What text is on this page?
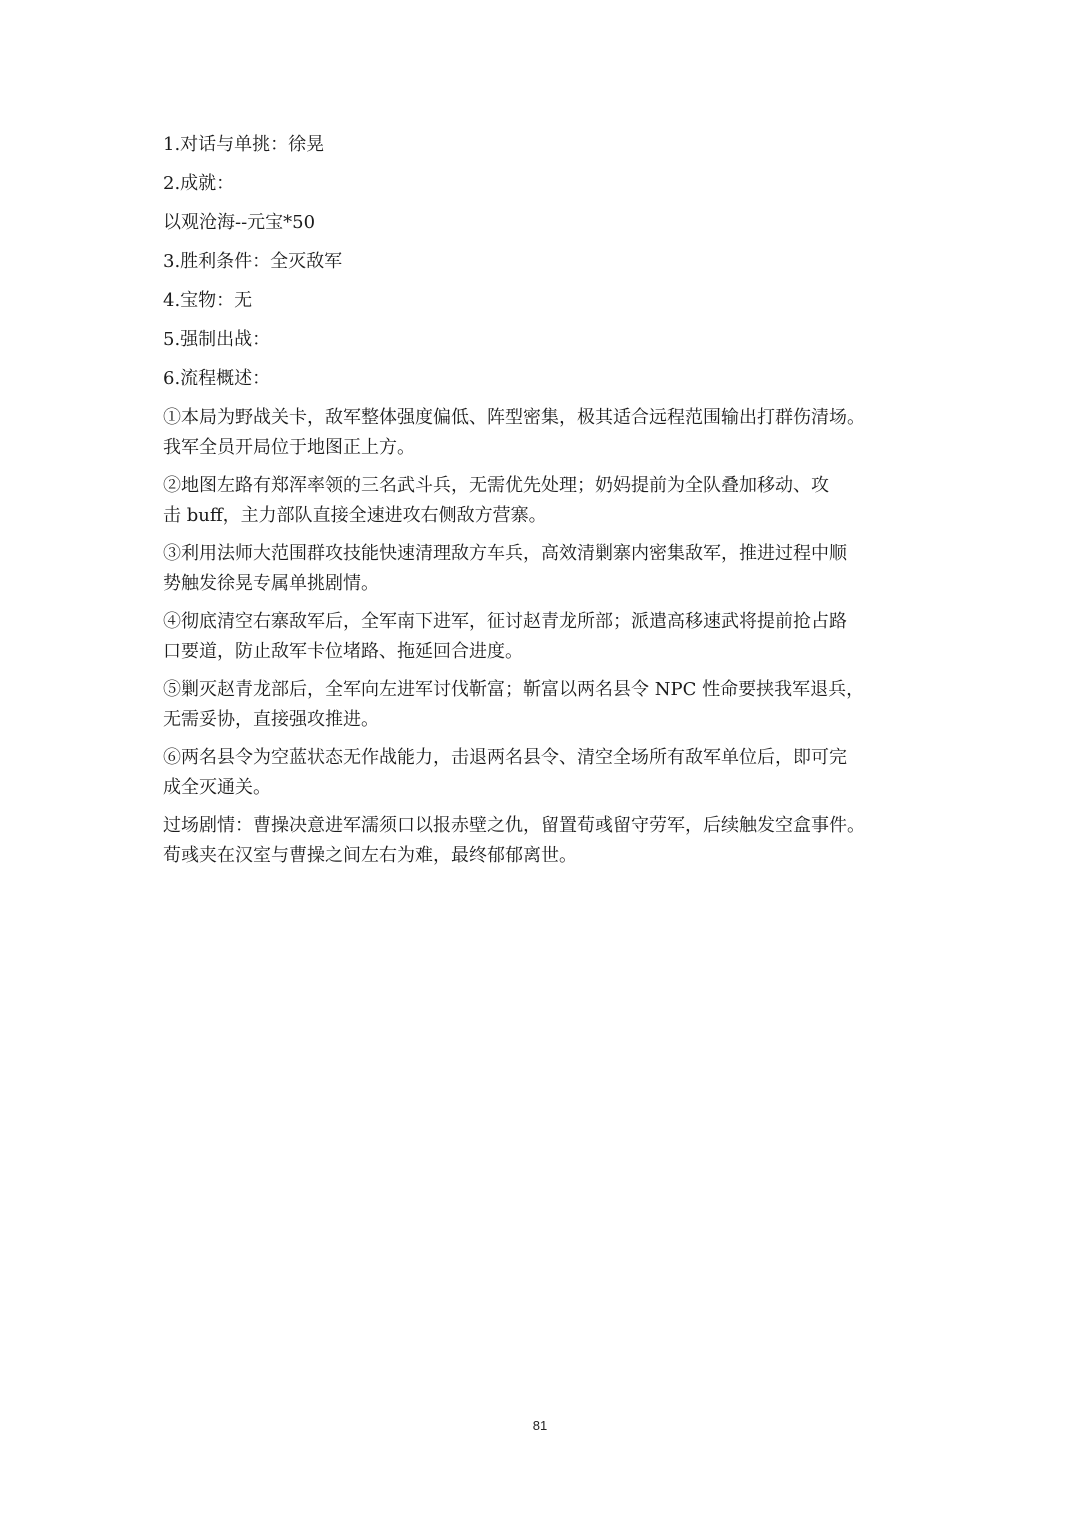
1.对话与单挑：徐晃
2.成就：
以观沧海--元宝*50
3.胜利条件：全灭敌军
4.宝物：无
5.强制出战：
6.流程概述：
①本局为野战关卡，敌军整体强度偏低、阵型密集，极其适合远程范围输出打群伤清场。
我军全员开局位于地图正上方。
②地图左路有郑浑率领的三名武斗兵，无需优先处理；奶妈提前为全队叠加移动、攻
击 buff，主力部队直接全速进攻右侧敌方营寨。
③利用法师大范围群攻技能快速清理敌方车兵，高效清剿寨内密集敌军，推进过程中顺
势触发徐晃专属单挑剧情。
④彻底清空右寨敌军后，全军南下进军，征讨赵青龙所部；派遣高移速武将提前抢占路
口要道，防止敌军卡位堵路、拖延回合进度。
⑤剿灭赵青龙部后，全军向左进军讨伐靳富；靳富以两名县令 NPC 性命要挟我军退兵，
无需妥协，直接强攻推进。
⑥两名县令为空蓝状态无作战能力，击退两名县令、清空全场所有敌军单位后，即可完
成全灭通关。
过场剧情：曹操决意进军濡须口以报赤壁之仇，留置荀彧留守劳军，后续触发空盒事件。
荀彧夹在汉室与曹操之间左右为难，最终郁郁离世。
81
